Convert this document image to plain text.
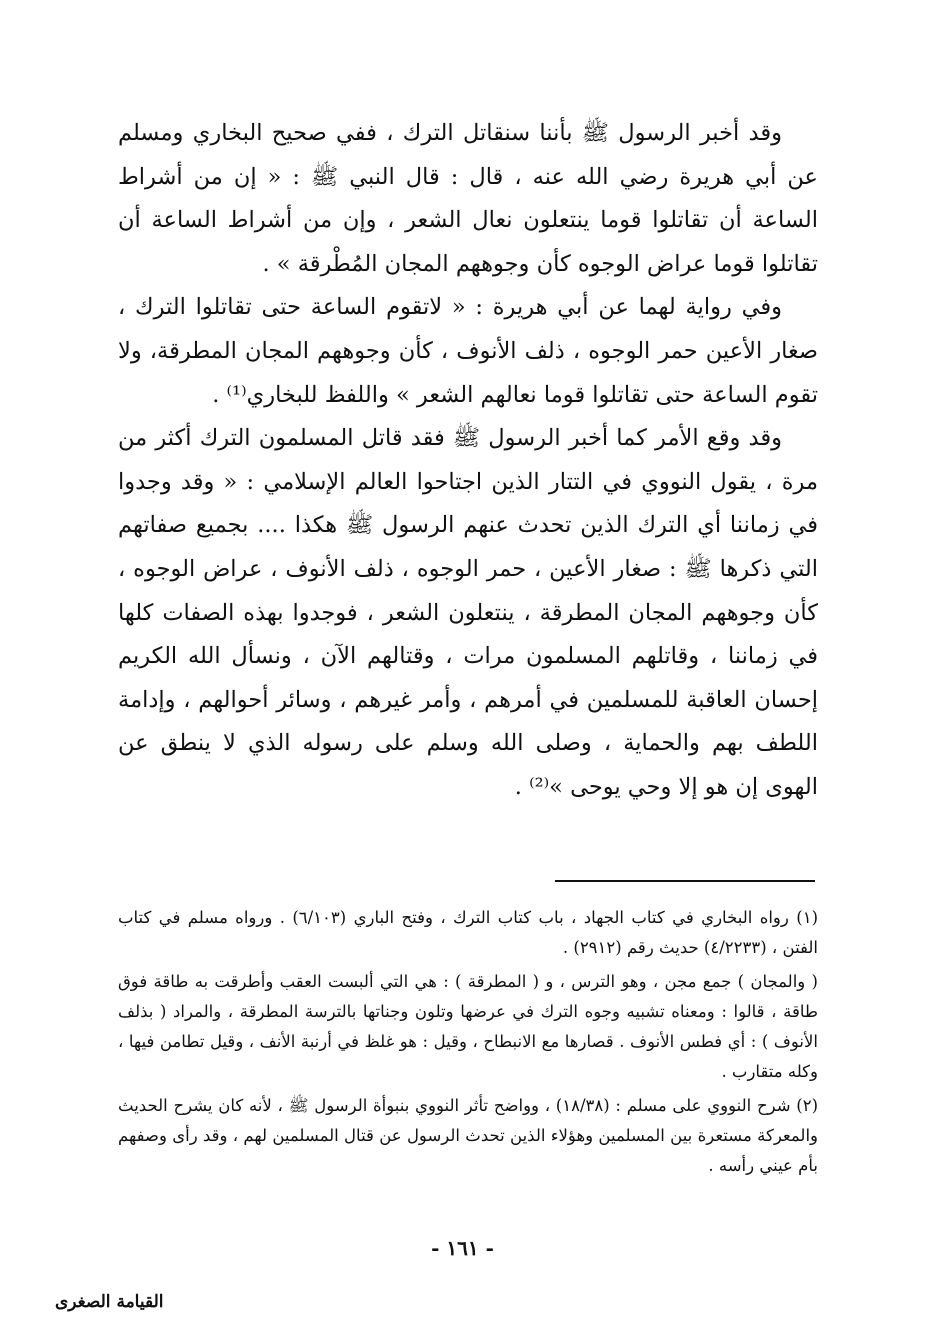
وقد أخبر الرسول ﷺ بأننا سنقاتل الترك ، ففي صحيح البخاري ومسلم عن أبي هريرة رضي الله عنه ، قال : قال النبي ﷺ : « إن من أشراط الساعة أن تقاتلوا قوما ينتعلون نعال الشعر ، وإن من أشراط الساعة أن تقاتلوا قوما عراض الوجوه كأن وجوههم المجان المُطْرقة » .

وفي رواية لهما عن أبي هريرة : « لاتقوم الساعة حتى تقاتلوا الترك ، صغار الأعين حمر الوجوه ، ذلف الأنوف ، كأن وجوههم المجان المطرقة، ولا تقوم الساعة حتى تقاتلوا قوما نعالهم الشعر » واللفظ للبخاري⁽¹⁾ .

وقد وقع الأمر كما أخبر الرسول ﷺ فقد قاتل المسلمون الترك أكثر من مرة ، يقول النووي في التتار الذين اجتاحوا العالم الإسلامي : « وقد وجدوا في زماننا أي الترك الذين تحدث عنهم الرسول ﷺ هكذا .... بجميع صفاتهم التي ذكرها ﷺ : صغار الأعين ، حمر الوجوه ، ذلف الأنوف ، عراض الوجوه ، كأن وجوههم المجان المطرقة ، ينتعلون الشعر ، فوجدوا بهذه الصفات كلها في زماننا ، وقاتلهم المسلمون مرات ، وقتالهم الآن ، ونسأل الله الكريم إحسان العاقبة للمسلمين في أمرهم ، وأمر غيرهم ، وسائر أحوالهم ، وإدامة اللطف بهم والحماية ، وصلى الله وسلم على رسوله الذي لا ينطق عن الهوى إن هو إلا وحي يوحى »⁽²⁾ .

(١) رواه البخاري في كتاب الجهاد ، باب كتاب الترك ، وفتح الباري (٦/١٠٣) . ورواه مسلم في كتاب الفتن ، (٤/٢٢٣٣) حديث رقم (٢٩١٢) .

( والمجان ) جمع مجن ، وهو الترس ، و ( المطرقة ) : هي التي ألبست العقب وأطرقت به طاقة فوق طاقة ، قالوا : ومعناه تشبيه وجوه الترك في عرضها وتلون وجناتها بالترسة المطرقة ، والمراد ( بذلف الأنوف ) : أي فطس الأنوف . قصارها مع الانبطاح ، وقيل : هو غلظ في أرنبة الأنف ، وقيل تطامن فيها ، وكله متقارب .

(٢) شرح النووي على مسلم : (١٨/٣٨) ، وواضح تأثر النووي بنبوأة الرسول ﷺ ، لأنه كان يشرح الحديث والمعركة مستعرة بين المسلمين وهؤلاء الذين تحدث الرسول عن قتال المسلمين لهم ، وقد رأى وصفهم بأم عيني رأسه .

- ١٦١ -
القيامة الصغرى
